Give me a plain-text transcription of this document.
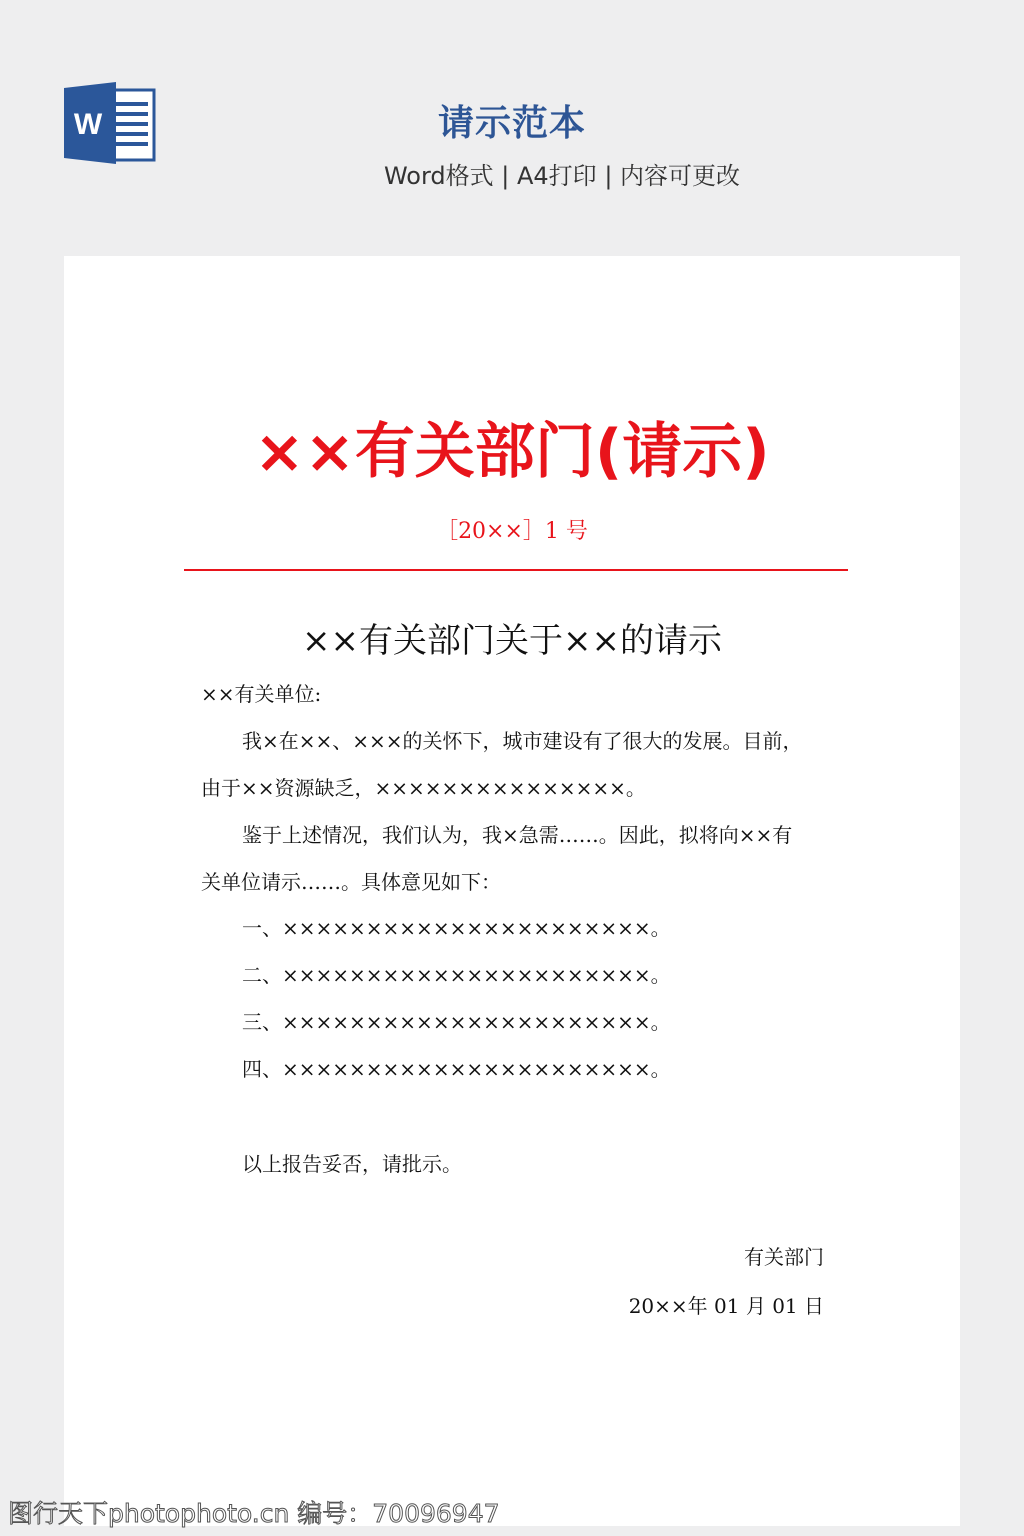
W	请示范本
Word格式 | A4打印 | 内容可更改
××有关部门(请示)
［20××］1 号
××有关部门关于××的请示
××有关单位:
我×在××、×××的关怀下，城市建设有了很大的发展。目前，
由于××资源缺乏，×××××××××××××××。
鉴于上述情况，我们认为，我×急需……。因此，拟将向××有
关单位请示……。具体意见如下：
一、××××××××××××××××××××××。
二、××××××××××××××××××××××。
三、××××××××××××××××××××××。
四、××××××××××××××××××××××。
以上报告妥否，请批示。
有关部门
20××年 01 月 01 日
图行天下photophoto.cn 编号：70096947
